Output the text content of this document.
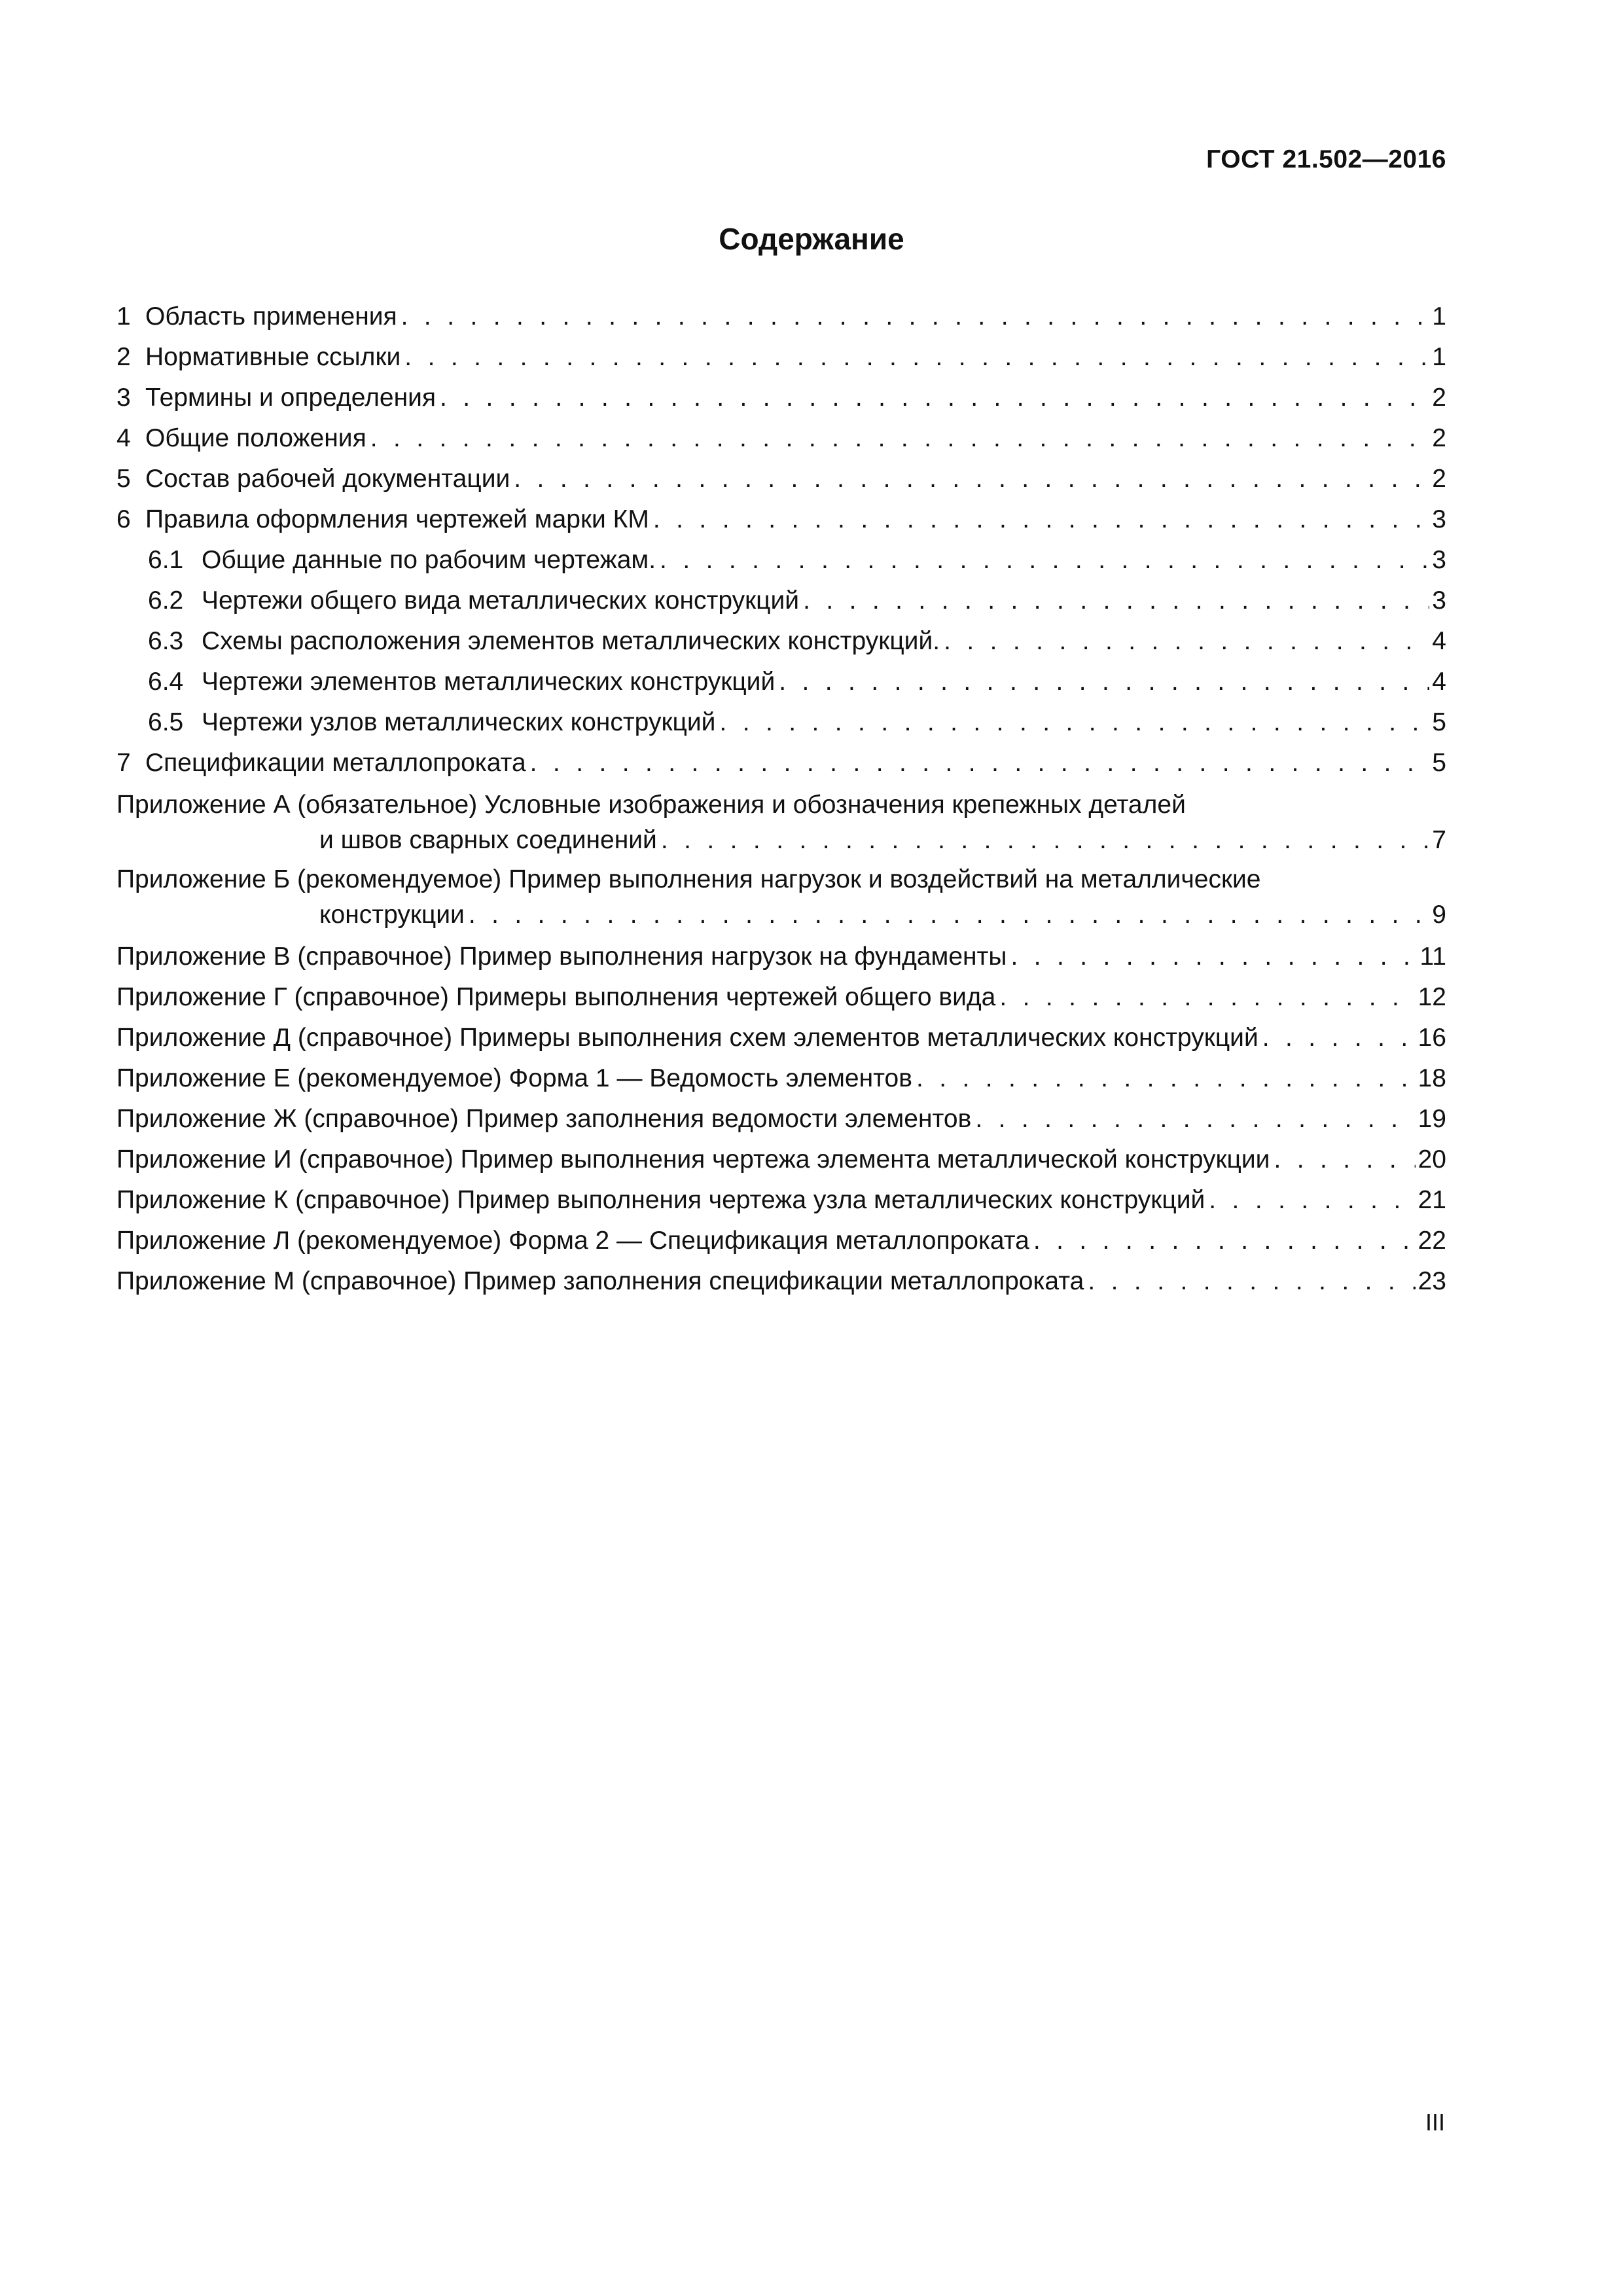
ГОСТ 21.502—2016
Содержание
1 Область применения . . .	1
2 Нормативные ссылки . . .	1
3 Термины и определения . . .	2
4 Общие положения . . .	2
5 Состав рабочей документации . . .	2
6 Правила оформления чертежей марки КМ . . .	3
6.1 Общие данные по рабочим чертежам. . . .	3
6.2 Чертежи общего вида металлических конструкций . . .	3
6.3 Схемы расположения элементов металлических конструкций. . . .	4
6.4 Чертежи элементов металлических конструкций . . .	4
6.5 Чертежи узлов металлических конструкций . . .	5
7 Спецификации металлопроката . . .	5
Приложение А (обязательное) Условные изображения и обозначения крепежных деталей
и швов сварных соединений . . .	7
Приложение Б (рекомендуемое) Пример выполнения нагрузок и воздействий на металлические
конструкции . . .	9
Приложение В (справочное) Пример выполнения нагрузок на фундаменты . . .	11
Приложение Г (справочное) Примеры выполнения чертежей общего вида . . .	12
Приложение Д (справочное) Примеры выполнения схем элементов металлических конструкций . . .	16
Приложение Е (рекомендуемое) Форма 1 — Ведомость элементов . . .	18
Приложение Ж (справочное) Пример заполнения ведомости элементов . . .	19
Приложение И (справочное) Пример выполнения чертежа элемента металлической конструкции . . .	20
Приложение К (справочное) Пример выполнения чертежа узла металлических конструкций . . .	21
Приложение Л (рекомендуемое) Форма 2 — Спецификация металлопроката . . .	22
Приложение М (справочное) Пример заполнения спецификации металлопроката . . .	23
III
